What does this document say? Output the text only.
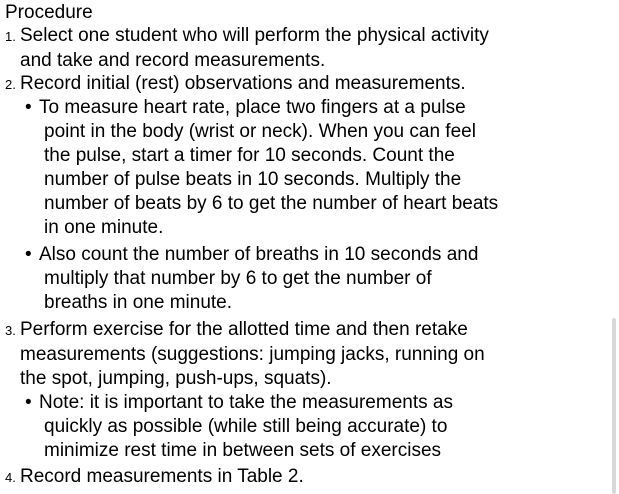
Procedure
1. Select one student who will perform the physical activity
and take and record measurements.
2. Record initial (rest) observations and measurements.
• To measure heart rate, place two fingers at a pulse
point in the body (wrist or neck). When you can feel
the pulse, start a timer for 10 seconds. Count the
number of pulse beats in 10 seconds. Multiply the
number of beats by 6 to get the number of heart beats
in one minute.
• Also count the number of breaths in 10 seconds and
multiply that number by 6 to get the number of
breaths in one minute.
3. Perform exercise for the allotted time and then retake
measurements (suggestions: jumping jacks, running on
the spot, jumping, push-ups, squats).
• Note: it is important to take the measurements as
quickly as possible (while still being accurate) to
minimize rest time in between sets of exercises
4. Record measurements in Table 2.
